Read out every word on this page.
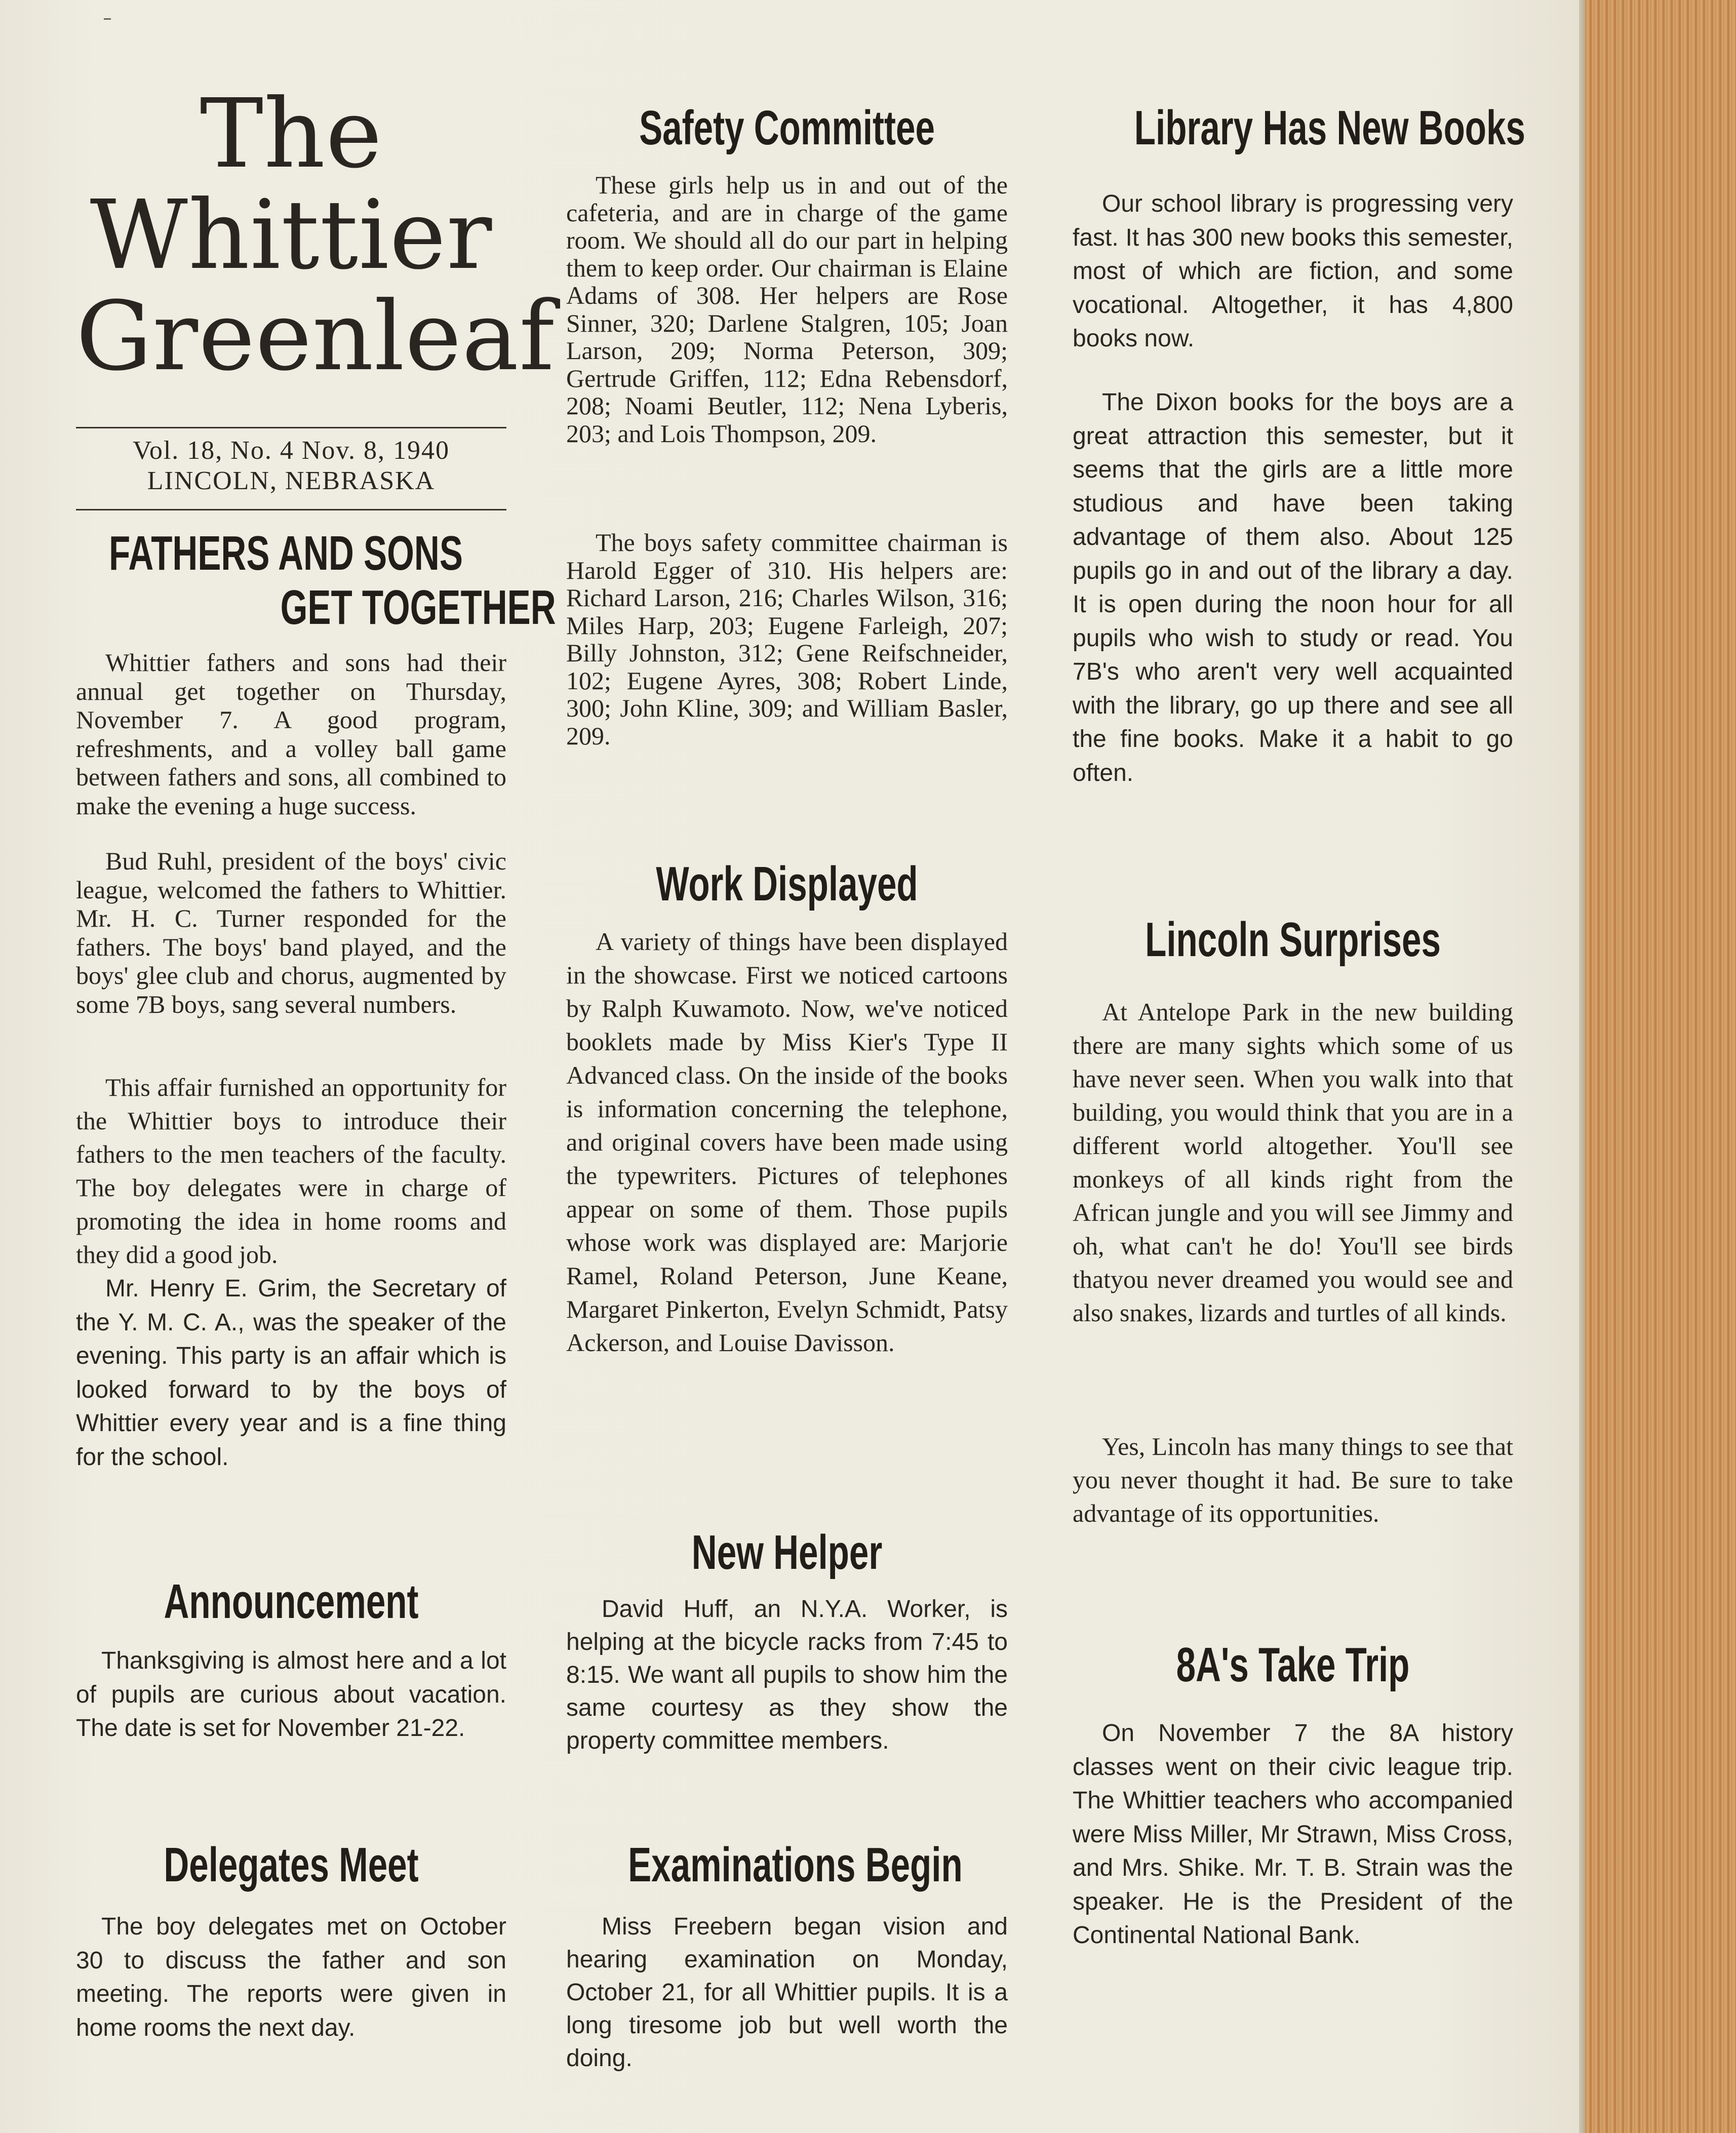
The
Whittier
Greenleaf
Vol. 18, No. 4 Nov. 8, 1940
LINCOLN, NEBRASKA
FATHERS AND SONS
GET TOGETHER

Whittier fathers and sons had their annual get together on Thursday, November 7. A good program, refreshments, and a volley ball game between fathers and sons, all combined to make the evening a huge success.

Bud Ruhl, president of the boys' civic league, welcomed the fathers to Whittier. Mr. H. C. Turner responded for the fathers. The boys' band played, and the boys' glee club and chorus, augmented by some 7B boys, sang several numbers.

This affair furnished an opportunity for the Whittier boys to introduce their fathers to the men teachers of the faculty. The boy delegates were in charge of promoting the idea in home rooms and they did a good job.

Mr. Henry E. Grim, the Secretary of the Y. M. C. A., was the speaker of the evening. This party is an affair which is looked forward to by the boys of Whittier every year and is a fine thing for the school.

Announcement

Thanksgiving is almost here and a lot of pupils are curious about vacation. The date is set for November 21-22.

Delegates Meet

The boy delegates met on October 30 to discuss the father and son meeting. The reports were given in home rooms the next day.

Safety Committee

These girls help us in and out of the cafeteria, and are in charge of the game room. We should all do our part in helping them to keep order. Our chairman is Elaine Adams of 308. Her helpers are Rose Sinner, 320; Darlene Stalgren, 105; Joan Larson, 209; Norma Peterson, 309; Gertrude Griffen, 112; Edna Rebensdorf, 208; Noami Beutler, 112; Nena Lyberis, 203; and Lois Thompson, 209.

The boys safety committee chairman is Harold Egger of 310. His helpers are: Richard Larson, 216; Charles Wilson, 316; Miles Harp, 203; Eugene Farleigh, 207; Billy Johnston, 312; Gene Reifschneider, 102; Eugene Ayres, 308; Robert Linde, 300; John Kline, 309; and William Basler, 209.

Work Displayed

A variety of things have been displayed in the showcase. First we noticed cartoons by Ralph Kuwamoto. Now, we've noticed booklets made by Miss Kier's Type II Advanced class. On the inside of the books is information concerning the telephone, and original covers have been made using the typewriters. Pictures of telephones appear on some of them. Those pupils whose work was displayed are: Marjorie Ramel, Roland Peterson, June Keane, Margaret Pinkerton, Evelyn Schmidt, Patsy Ackerson, and Louise Davisson.

New Helper

David Huff, an N.Y.A. Worker, is helping at the bicycle racks from 7:45 to 8:15. We want all pupils to show him the same courtesy as they show the property committee members.

Examinations Begin

Miss Freebern began vision and hearing examination on Monday, October 21, for all Whittier pupils. It is a long tiresome job but well worth the doing.

Library Has New Books

Our school library is progressing very fast. It has 300 new books this semester, most of which are fiction, and some vocational. Altogether, it has 4,800 books now.

The Dixon books for the boys are a great attraction this semester, but it seems that the girls are a little more studious and have been taking advantage of them also. About 125 pupils go in and out of the library a day. It is open during the noon hour for all pupils who wish to study or read. You 7B's who aren't very well acquainted with the library, go up there and see all the fine books. Make it a habit to go often.

Lincoln Surprises

At Antelope Park in the new building there are many sights which some of us have never seen. When you walk into that building, you would think that you are in a different world altogether. You'll see monkeys of all kinds right from the African jungle and you will see Jimmy and oh, what can't he do! You'll see birds thatyou never dreamed you would see and also snakes, lizards and turtles of all kinds.

Yes, Lincoln has many things to see that you never thought it had. Be sure to take advantage of its opportunities.

8A's Take Trip

On November 7 the 8A history classes went on their civic league trip. The Whittier teachers who accompanied were Miss Miller, Mr Strawn, Miss Cross, and Mrs. Shike. Mr. T. B. Strain was the speaker. He is the President of the Continental National Bank.
